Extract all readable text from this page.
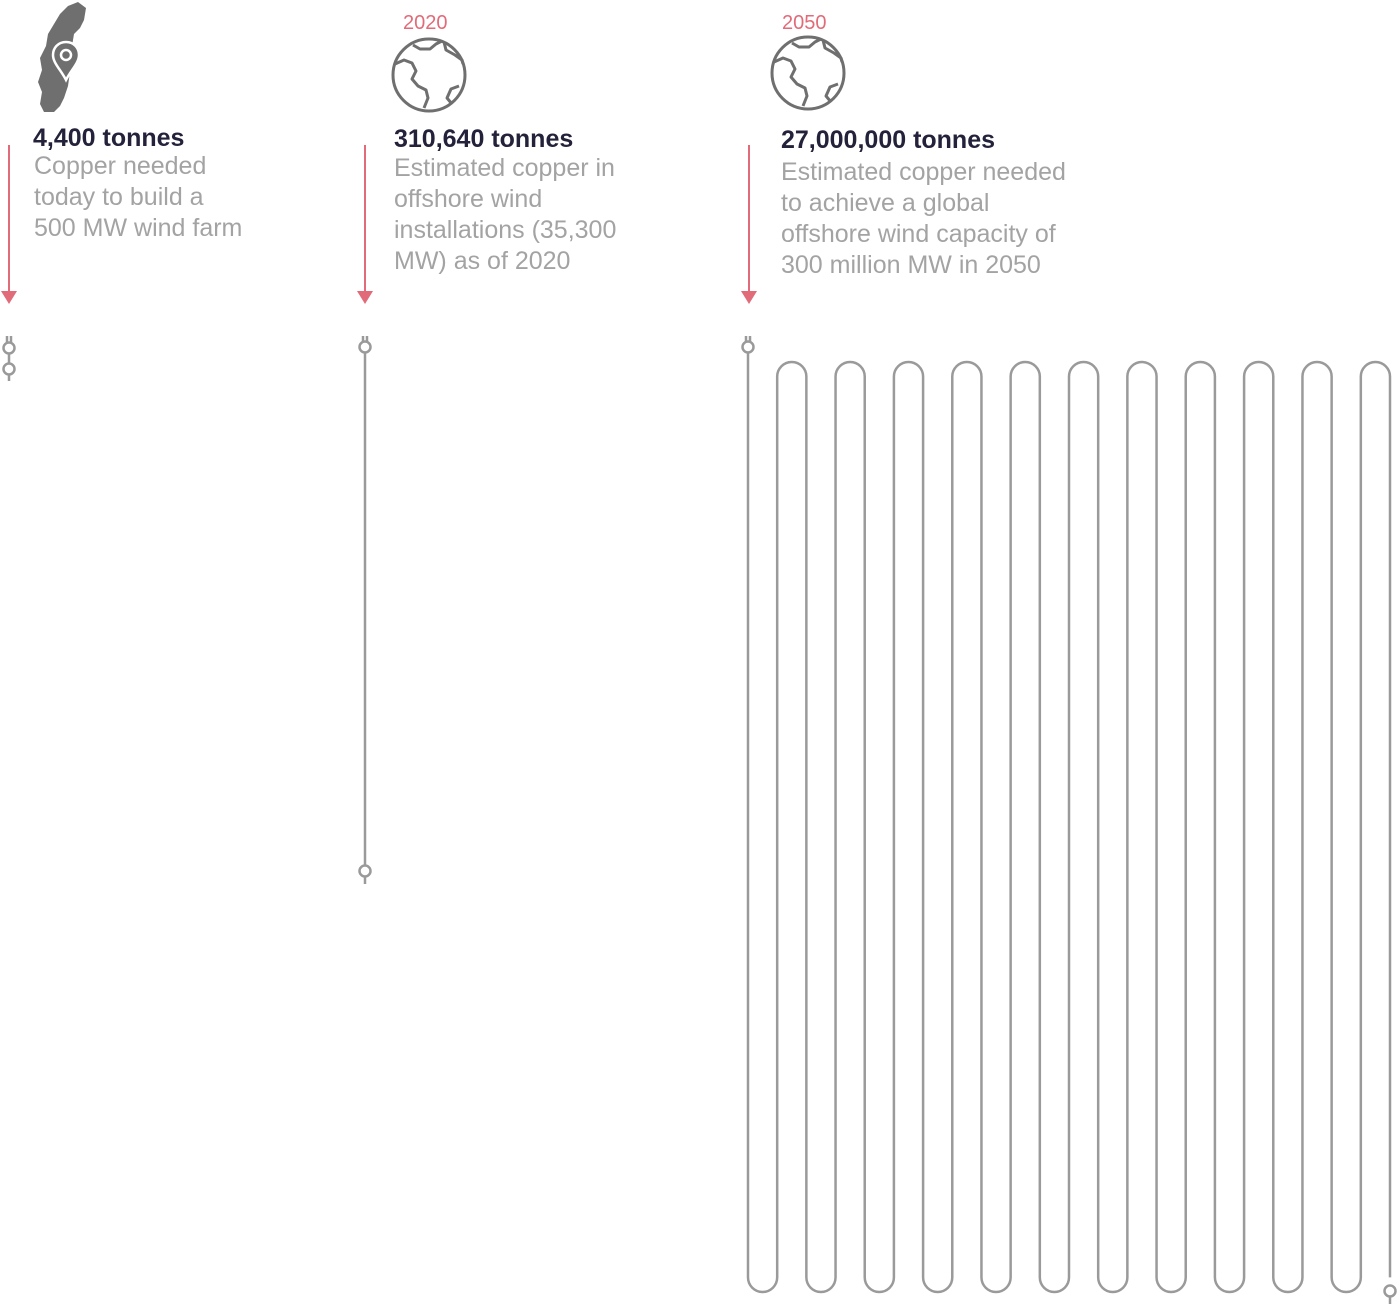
4,400 tonnes
Copper needed
today to build a
500 MW wind farm
2020
310,640 tonnes
Estimated copper in
offshore wind
installations (35,300
MW) as of 2020
2050
27,000,000 tonnes
Estimated copper needed
to achieve a global
offshore wind capacity of
300 million MW in 2050
